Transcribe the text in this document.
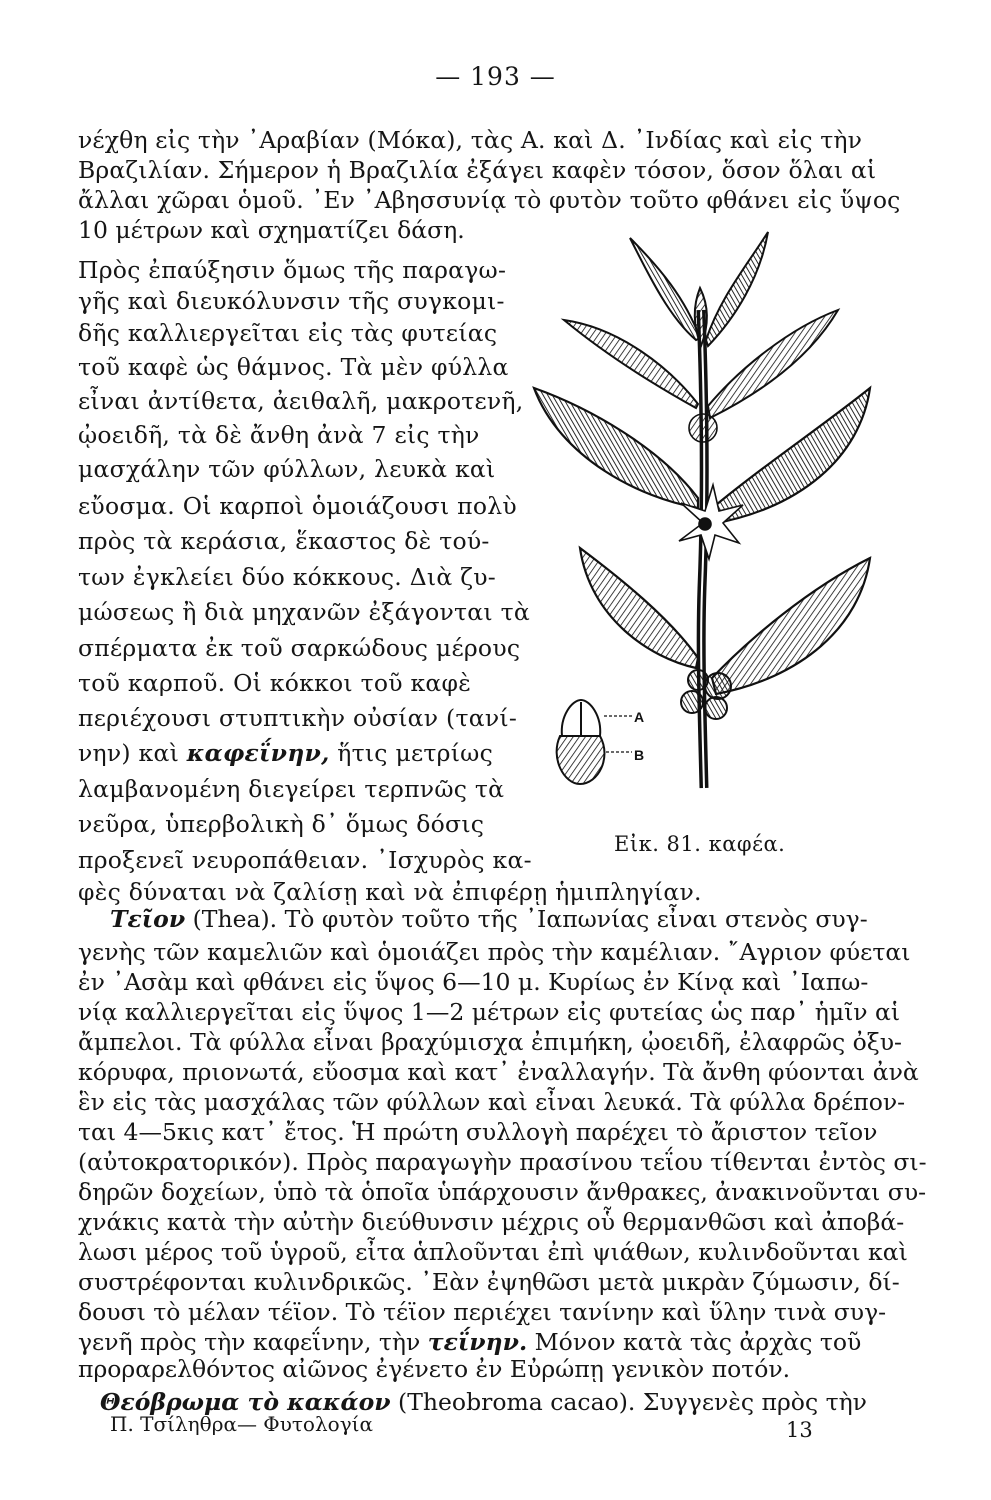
— 193 —
νέχθη εἰς τὴν ᾿Αραβίαν (Μόκα), τὰς Α. καὶ Δ. ᾿Ινδίας καὶ εἰς τὴν
Βραζιλίαν. Σήμερον ἡ Βραζιλία ἐξάγει καφὲν τόσον, ὅσον ὅλαι αἱ
ἄλλαι χῶραι ὁμοῦ. ᾿Εν ᾿Αβησσυνίᾳ τὸ φυτὸν τοῦτο φθάνει εἰς ὕψος
10 μέτρων καὶ σχηματίζει δάση.
Πρὸς ἐπαύξησιν ὅμως τῆς παραγω-
γῆς καὶ διευκόλυνσιν τῆς συγκομι-
δῆς καλλιεργεῖται εἰς τὰς φυτείας
τοῦ καφὲ ὡς θάμνος. Τὰ μὲν φύλλα
εἶναι ἀντίθετα, ἀειθαλῆ, μακροτενῆ,
ᾠοειδῆ, τὰ δὲ ἄνθη ἀνὰ 7 εἰς τὴν
μασχάλην τῶν φύλλων, λευκὰ καὶ
εὔοσμα. Οἱ καρποὶ ὁμοιάζουσι πολὺ
πρὸς τὰ κεράσια, ἕκαστος δὲ τού-
των ἐγκλείει δύο κόκκους. Διὰ ζυ-
μώσεως ἢ διὰ μηχανῶν ἐξάγονται τὰ
σπέρματα ἐκ τοῦ σαρκώδους μέρους
τοῦ καρποῦ. Οἱ κόκκοι τοῦ καφὲ
περιέχουσι στυπτικὴν οὐσίαν (τανί-
νην) καὶ καφεΐνην, ἥτις μετρίως
λαμβανομένη διεγείρει τερπνῶς τὰ
νεῦρα, ὑπερβολικὴ δ᾿ ὅμως δόσις
προξενεῖ νευροπάθειαν. ᾿Ισχυρὸς κα-
φὲς δύναται νὰ ζαλίσῃ καὶ νὰ ἐπιφέρῃ ἡμιπληγίαν.
Τεῖον (Thea). Τὸ φυτὸν τοῦτο τῆς ᾿Ιαπωνίας εἶναι στενὸς συγ-
γενὴς τῶν καμελιῶν καὶ ὁμοιάζει πρὸς τὴν καμέλιαν. ῎Αγριον φύεται
ἐν ᾿Ασὰμ καὶ φθάνει εἰς ὕψος 6—10 μ. Κυρίως ἐν Κίνᾳ καὶ ᾿Ιαπω-
νίᾳ καλλιεργεῖται εἰς ὕψος 1—2 μέτρων εἰς φυτείας ὡς παρ᾿ ἡμῖν αἱ
ἄμπελοι. Τὰ φύλλα εἶναι βραχύμισχα ἐπιμήκη, ᾠοειδῆ, ἐλαφρῶς ὀξυ-
κόρυφα, πριονωτά, εὔοσμα καὶ κατ᾿ ἐναλλαγήν. Τὰ ἄνθη φύονται ἀνὰ
ἓν εἰς τὰς μασχάλας τῶν φύλλων καὶ εἶναι λευκά. Τὰ φύλλα δρέπον-
ται 4—5κις κατ᾿ ἔτος. Ἡ πρώτη συλλογὴ παρέχει τὸ ἄριστον τεῖον
(αὐτοκρατορικόν). Πρὸς παραγωγὴν πρασίνου τεΐου τίθενται ἐντὸς σι-
δηρῶν δοχείων, ὑπὸ τὰ ὁποῖα ὑπάρχουσιν ἄνθρακες, ἀνακινοῦνται συ-
χνάκις κατὰ τὴν αὐτὴν διεύθυνσιν μέχρις οὗ θερμανθῶσι καὶ ἀποβά-
λωσι μέρος τοῦ ὑγροῦ, εἶτα ἁπλοῦνται ἐπὶ ψιάθων, κυλινδοῦνται καὶ
συστρέφονται κυλινδρικῶς. ᾿Εὰν ἐψηθῶσι μετὰ μικρὰν ζύμωσιν, δί-
δουσι τὸ μέλαν τέϊον. Τὸ τέϊον περιέχει τανίνην καὶ ὕλην τινὰ συγ-
γενῆ πρὸς τὴν καφεΐνην, τὴν τεΐνην. Μόνον κατὰ τὰς ἀρχὰς τοῦ
προραρελθόντος αἰῶνος ἐγένετο ἐν Εὐρώπῃ γενικὸν ποτόν.
Θεόβρωμα τὸ κακάον (Theobroma cacao). Συγγενὲς πρὸς τὴν
A
B
Εἰκ. 81. καφέα.
Π. Τσίληθρα— Φυτολογία	13
